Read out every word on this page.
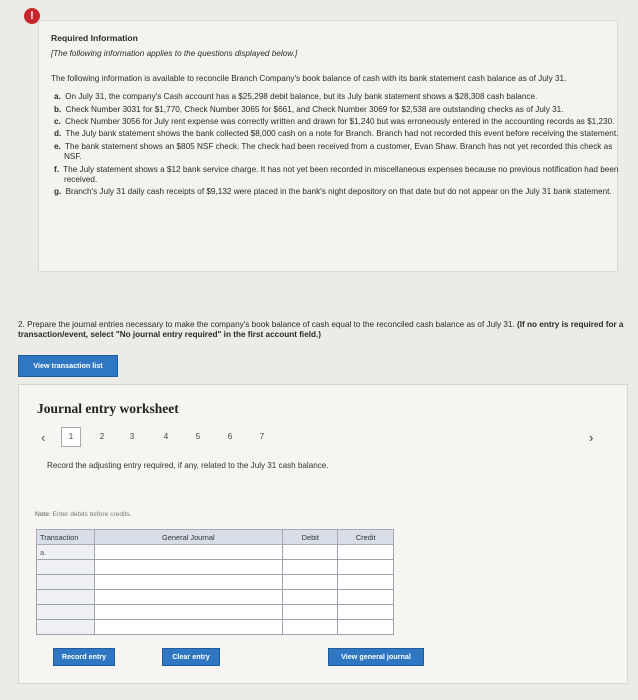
!
Required Information
[The following information applies to the questions displayed below.]
The following information is available to reconcile Branch Company's book balance of cash with its bank statement cash balance as of July 31.
a. On July 31, the company's Cash account has a $25,298 debit balance, but its July bank statement shows a $28,308 cash balance.
b. Check Number 3031 for $1,770, Check Number 3065 for $661, and Check Number 3069 for $2,538 are outstanding checks as of July 31.
c. Check Number 3056 for July rent expense was correctly written and drawn for $1,240 but was erroneously entered in the accounting records as $1,230.
d. The July bank statement shows the bank collected $8,000 cash on a note for Branch. Branch had not recorded this event before receiving the statement.
e. The bank statement shows an $805 NSF check. The check had been received from a customer, Evan Shaw. Branch has not yet recorded this check as NSF.
f. The July statement shows a $12 bank service charge. It has not yet been recorded in miscellaneous expenses because no previous notification had been received.
g. Branch's July 31 daily cash receipts of $9,132 were placed in the bank's night depository on that date but do not appear on the July 31 bank statement.
2. Prepare the journal entries necessary to make the company's book balance of cash equal to the reconciled cash balance as of July 31. (If no entry is required for a transaction/event, select "No journal entry required" in the first account field.)
View transaction list
Journal entry worksheet
‹	1	2	3	4	5	6	7	›
Record the adjusting entry required, if any, related to the July 31 cash balance.
Note: Enter debits before credits.
Transaction	General Journal	Debit	Credit
a.			

Record entry	Clear entry	View general journal
